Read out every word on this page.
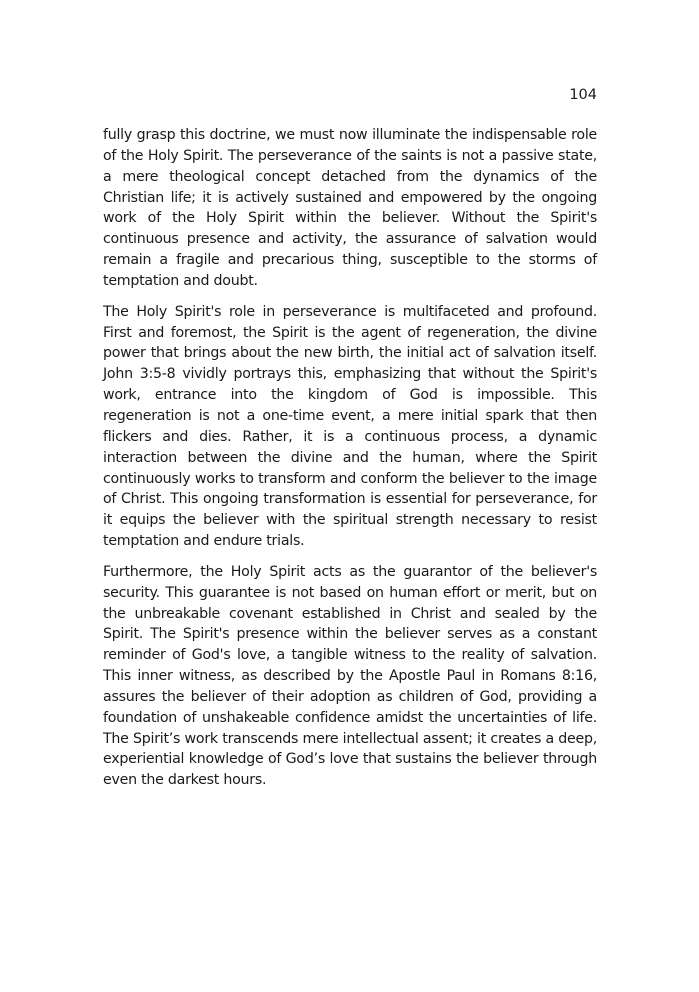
104

fully grasp this doctrine, we must now illuminate the indispensable role of the Holy Spirit. The perseverance of the saints is not a passive state, a mere theological concept detached from the dynamics of the Christian life; it is actively sustained and empowered by the ongoing work of the Holy Spirit within the believer. Without the Spirit's continuous presence and activity, the assurance of salvation would remain a fragile and precarious thing, susceptible to the storms of temptation and doubt.

The Holy Spirit's role in perseverance is multifaceted and profound. First and foremost, the Spirit is the agent of regeneration, the divine power that brings about the new birth, the initial act of salvation itself. John 3:5-8 vividly portrays this, emphasizing that without the Spirit's work, entrance into the kingdom of God is impossible. This regeneration is not a one-time event, a mere initial spark that then flickers and dies. Rather, it is a continuous process, a dynamic interaction between the divine and the human, where the Spirit continuously works to transform and conform the believer to the image of Christ. This ongoing transformation is essential for perseverance, for it equips the believer with the spiritual strength necessary to resist temptation and endure trials.

Furthermore, the Holy Spirit acts as the guarantor of the believer's security. This guarantee is not based on human effort or merit, but on the unbreakable covenant established in Christ and sealed by the Spirit. The Spirit's presence within the believer serves as a constant reminder of God's love, a tangible witness to the reality of salvation. This inner witness, as described by the Apostle Paul in Romans 8:16, assures the believer of their adoption as children of God, providing a foundation of unshakeable confidence amidst the uncertainties of life. The Spirit’s work transcends mere intellectual assent; it creates a deep, experiential knowledge of God’s love that sustains the believer through even the darkest hours.
